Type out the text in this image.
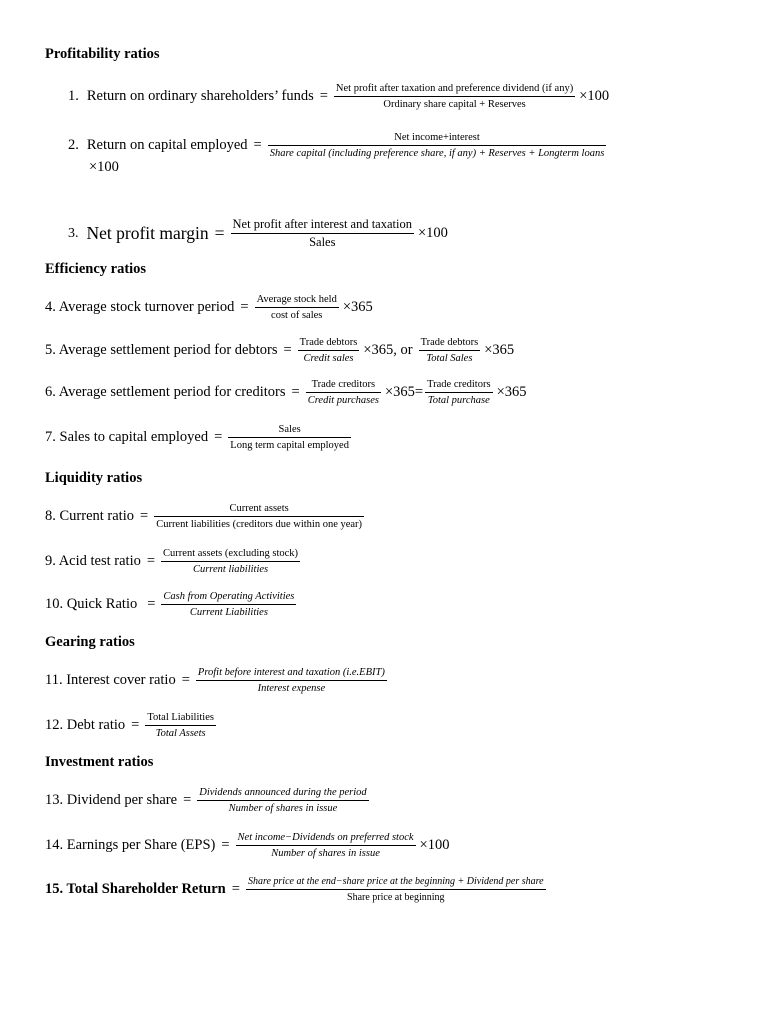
Profitability ratios
1. Return on ordinary shareholders’ funds = $\frac{\text{Net profit after taxation and preference dividend (if any)}}{\text{Ordinary share capital + Reserves}} \times 100$
2. Return on capital employed =	Net income+interest
Share capital (including preference share, if any) + Reserves + Longterm loans
×100
3. Net profit margin = $\frac{\text{Net profit after interest and taxation}}{\text{Sales}} \times 100$
Efficiency ratios
4. Average stock turnover period = $\frac{\text{Average stock held}}{\text{cost of sales}} \times 365$
5. Average settlement period for debtors = $\frac{\text{Trade debtors}}{\text{Credit sales}} \times 365$, or $\frac{\text{Trade debtors}}{\text{Total Sales}} \times 365$
6. Average settlement period for creditors = $\frac{\text{Trade creditors}}{\text{Credit purchases}} \times 365= \frac{\text{Trade creditors}}{\text{Total purchase}} \times 365$
7. Sales to capital employed = $\frac{\text{Sales}}{\text{Long term capital employed}}$
Liquidity ratios
8. Current ratio = $\frac{\text{Current assets}}{\text{Current liabilities (creditors due within one year)}}$
9. Acid test ratio = $\frac{\text{Current assets (excluding stock)}}{\text{Current liabilities}}$
10. Quick Ratio = $\frac{\text{Cash from Operating Activities}}{\text{Current Liabilities}}$
Gearing ratios
11. Interest cover ratio = $\frac{\text{Profit before interest and taxation (i.e.EBIT)}}{\text{Interest expense}}$
12. Debt ratio = $\frac{\text{Total Liabilities}}{\text{Total Assets}}$
Investment ratios
13. Dividend per share = $\frac{\text{Dividends announced during the period}}{\text{Number of shares in issue}}$
14. Earnings per Share $(EPS) = \frac{\text{Net income−Dividends on preferred stock}}{\text{Number of shares in issue}} \times 100$
15. Total Shareholder Return = Share price at the end−share price at the beginning + Dividend per share
Share price at beginning
